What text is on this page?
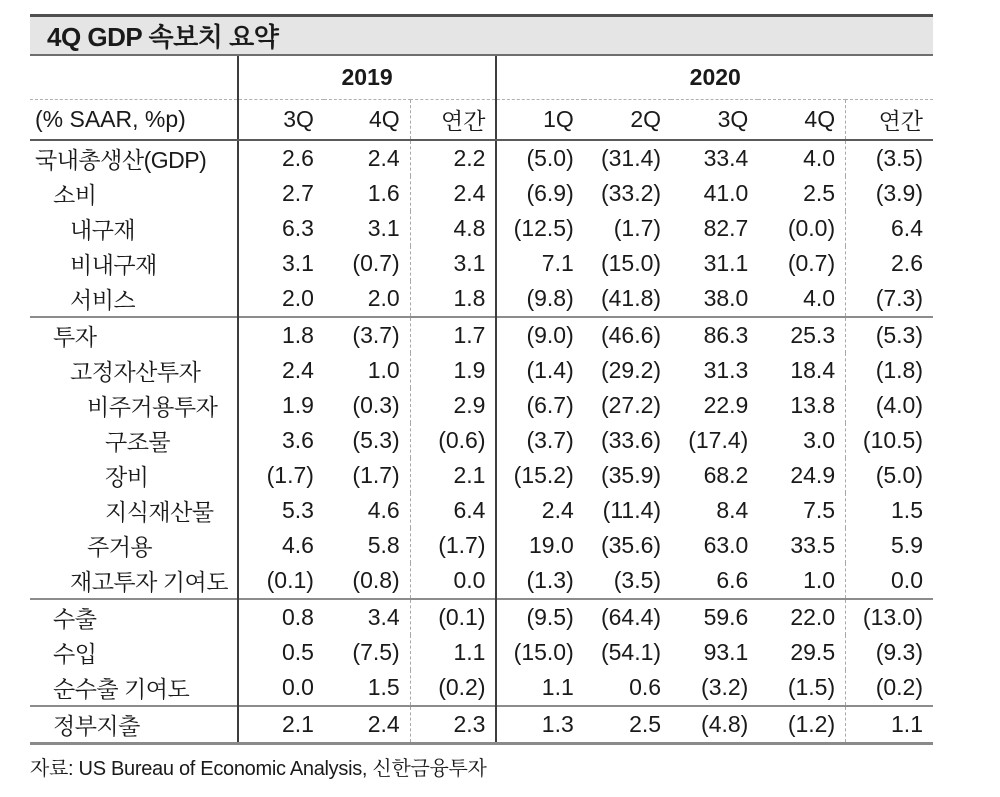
4Q GDP 속보치 요약
	2019			2020				
(% SAAR, %p)	3Q	4Q	연간	1Q	2Q	3Q	4Q	연간
국내총생산(GDP)	2.6	2.4	2.2	(5.0)	(31.4)	33.4	4.0	(3.5)
소비	2.7	1.6	2.4	(6.9)	(33.2)	41.0	2.5	(3.9)
내구재	6.3	3.1	4.8	(12.5)	(1.7)	82.7	(0.0)	6.4
비내구재	3.1	(0.7)	3.1	7.1	(15.0)	31.1	(0.7)	2.6
서비스	2.0	2.0	1.8	(9.8)	(41.8)	38.0	4.0	(7.3)
투자	1.8	(3.7)	1.7	(9.0)	(46.6)	86.3	25.3	(5.3)
고정자산투자	2.4	1.0	1.9	(1.4)	(29.2)	31.3	18.4	(1.8)
비주거용투자	1.9	(0.3)	2.9	(6.7)	(27.2)	22.9	13.8	(4.0)
구조물	3.6	(5.3)	(0.6)	(3.7)	(33.6)	(17.4)	3.0	(10.5)
장비	(1.7)	(1.7)	2.1	(15.2)	(35.9)	68.2	24.9	(5.0)
지식재산물	5.3	4.6	6.4	2.4	(11.4)	8.4	7.5	1.5
주거용	4.6	5.8	(1.7)	19.0	(35.6)	63.0	33.5	5.9
재고투자 기여도	(0.1)	(0.8)	0.0	(1.3)	(3.5)	6.6	1.0	0.0
수출	0.8	3.4	(0.1)	(9.5)	(64.4)	59.6	22.0	(13.0)
수입	0.5	(7.5)	1.1	(15.0)	(54.1)	93.1	29.5	(9.3)
순수출 기여도	0.0	1.5	(0.2)	1.1	0.6	(3.2)	(1.5)	(0.2)
정부지출	2.1	2.4	2.3	1.3	2.5	(4.8)	(1.2)	1.1
자료: US Bureau of Economic Analysis, 신한금융투자
